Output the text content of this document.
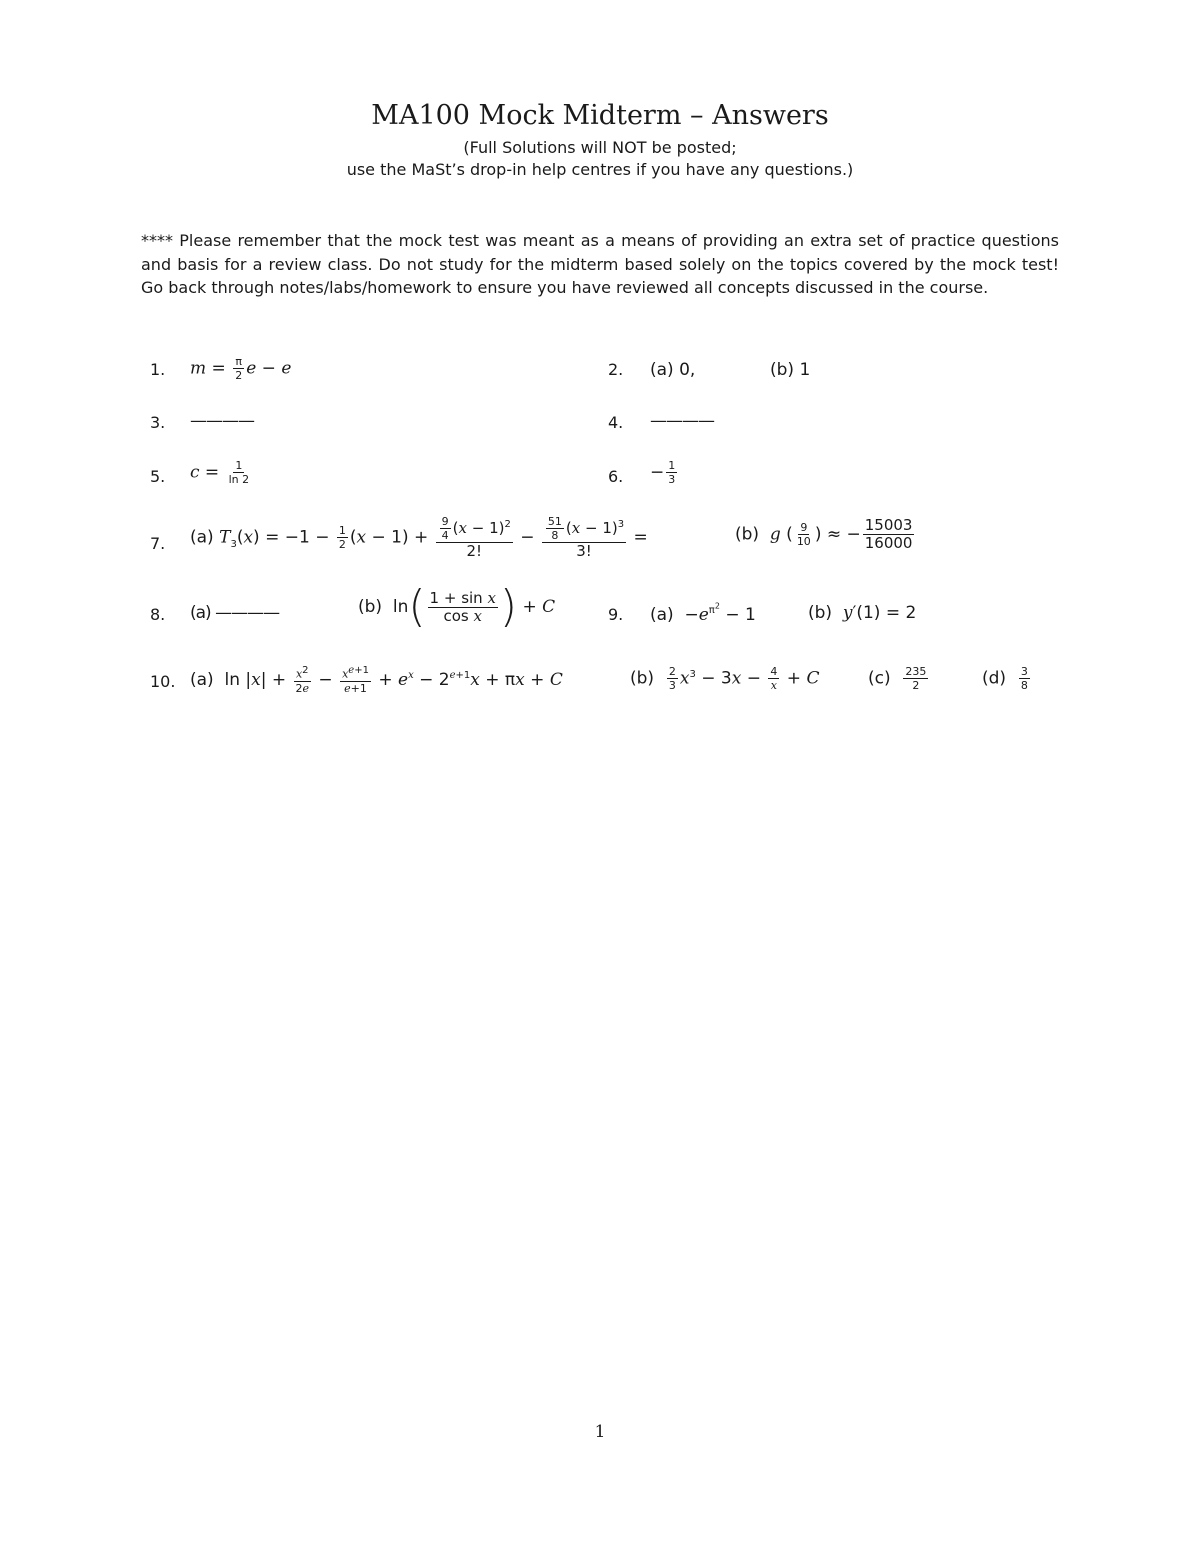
MA100 Mock Midterm – Answers
(Full Solutions will NOT be posted;
use the MaSt’s drop-in help centres if you have any questions.)
**** Please remember that the mock test was meant as a means of providing an extra set of practice questions and basis for a review class. Do not study for the midterm based solely on the topics covered by the mock test! Go back through notes/labs/homework to ensure you have reviewed all concepts discussed in the course.
1. $m = \frac{\pi}{2}$ e − e	2. (a) 0,	(b) 1
3. ————	4. ————
5. $c = \frac{1}{\ln 2}$	6. − $\frac{1}{3}$
7. (a) $T_3(x) = -1 - \frac{1}{2} (x - 1) + \frac{\frac{9}{4} (x - 1)^2}{2!} - \frac{\frac{51}{8} (x - 1)^3}{3!}$ =	(b)  g ( $\frac{9}{10}$ ) ≈ − $\frac{15003}{16000}$
8. (a) ————	(b)  $\ln( \frac{\text{1 + sin x}}{\text{cos x}}$ ) + C	9. $(a) -e^{\pi^2} - 1$	(b)  y′(1) = 2
10. (a)  $\ln |x| + \frac{x^2}{2e} - \frac{x^{e+1}}{e+1} + e^x - 2^{e+1}x + \pi x + C$	$(b) \frac{2}{3} x^3 - 3x - \frac{4}{x} + C$	$(c) \frac{235}{2}$	$(d) \frac{3}{8}$
1
